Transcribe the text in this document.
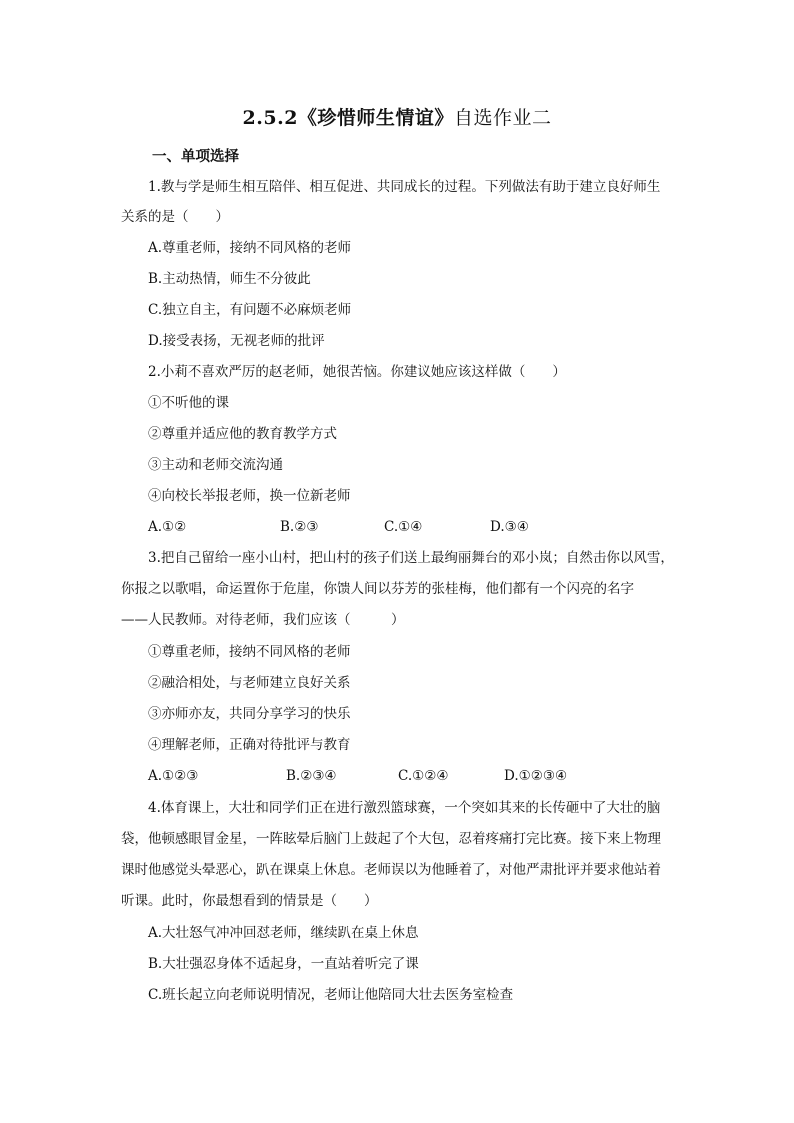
2.5.2《珍惜师生情谊》自选作业二
一、单项选择
1.教与学是师生相互陪伴、相互促进、共同成长的过程。下列做法有助于建立良好师生
关系的是（　　）
A.尊重老师，接纳不同风格的老师
B.主动热情，师生不分彼此
C.独立自主，有问题不必麻烦老师
D.接受表扬，无视老师的批评
2.小莉不喜欢严厉的赵老师，她很苦恼。你建议她应该这样做（　　）
①不听他的课
②尊重并适应他的教育教学方式
③主动和老师交流沟通
④向校长举报老师，换一位新老师
A.①②	B.②③	C.①④	D.③④
3.把自己留给一座小山村，把山村的孩子们送上最绚丽舞台的邓小岚；自然击你以风雪，
你报之以歌唱，命运置你于危崖，你馈人间以芬芳的张桂梅，他们都有一个闪亮的名字
——人民教师。对待老师，我们应该（　　　）
①尊重老师，接纳不同风格的老师
②融洽相处，与老师建立良好关系
③亦师亦友，共同分享学习的快乐
④理解老师，正确对待批评与教育
A.①②③	B.②③④	C.①②④	D.①②③④
4.体育课上，大壮和同学们正在进行激烈篮球赛，一个突如其来的长传砸中了大壮的脑
袋，他顿感眼冒金星，一阵眩晕后脑门上鼓起了个大包，忍着疼痛打完比赛。接下来上物理
课时他感觉头晕恶心，趴在课桌上休息。老师误以为他睡着了，对他严肃批评并要求他站着
听课。此时，你最想看到的情景是（　　）
A.大壮怒气冲冲回怼老师，继续趴在桌上休息
B.大壮强忍身体不适起身，一直站着听完了课
C.班长起立向老师说明情况，老师让他陪同大壮去医务室检查
